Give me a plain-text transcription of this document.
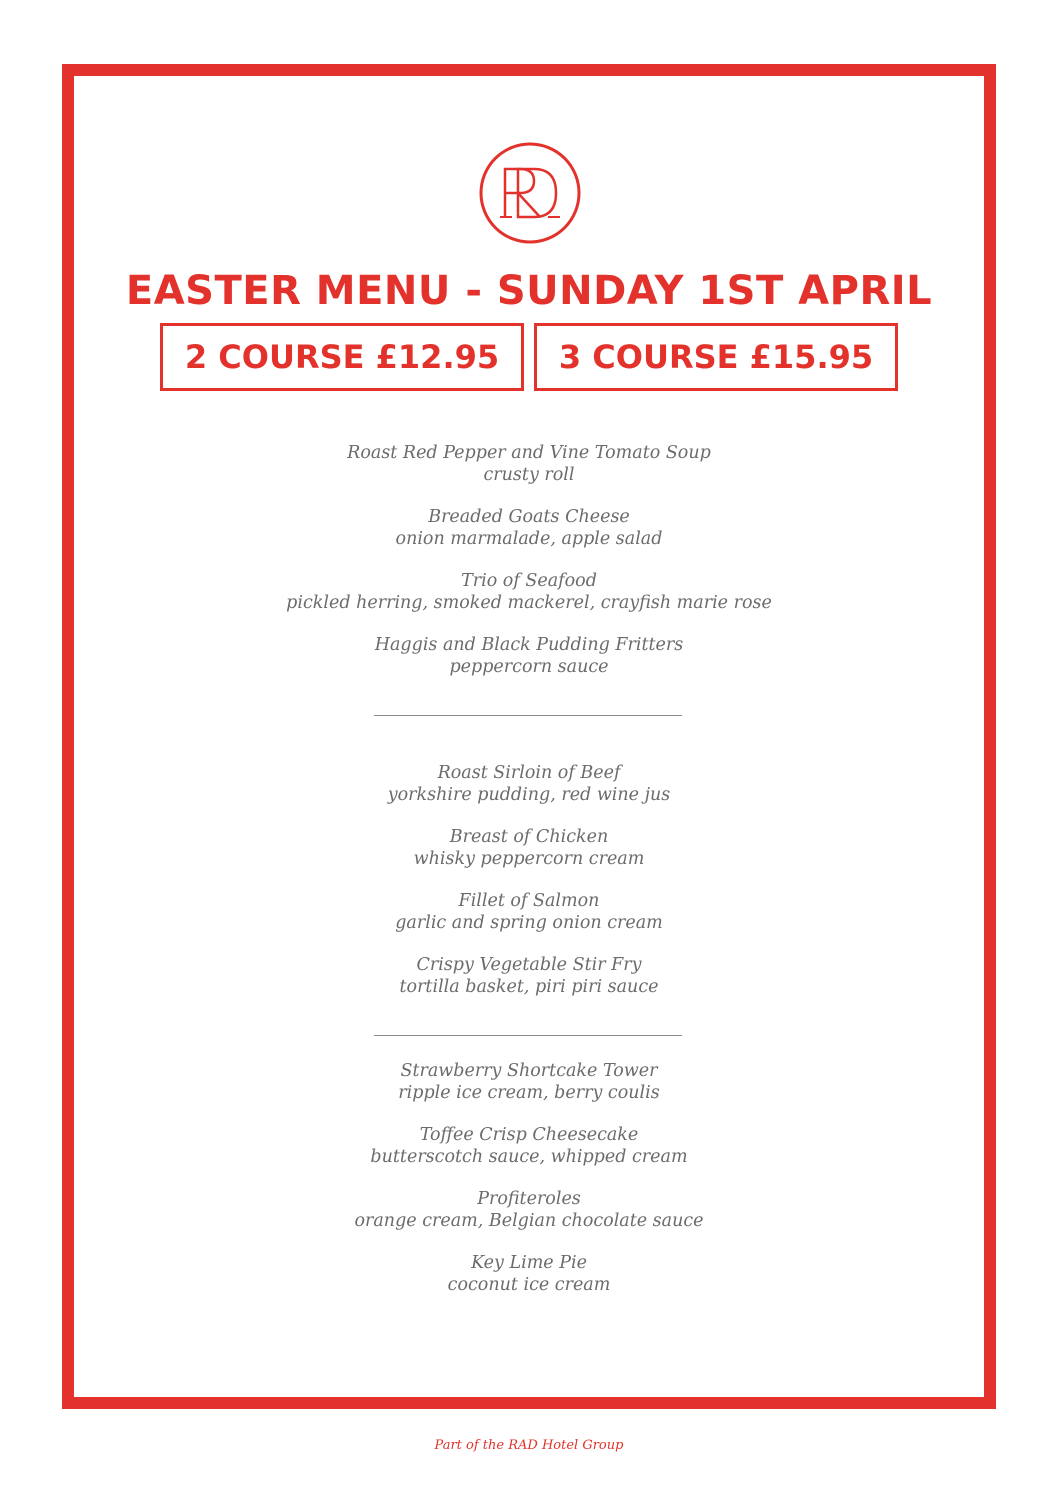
EASTER MENU - SUNDAY 1ST APRIL
2 COURSE £12.95	3 COURSE £15.95
Roast Red Pepper and Vine Tomato Soup
crusty roll
Breaded Goats Cheese
onion marmalade, apple salad
Trio of Seafood
pickled herring, smoked mackerel, crayfish marie rose
Haggis and Black Pudding Fritters
peppercorn sauce
Roast Sirloin of Beef
yorkshire pudding, red wine jus
Breast of Chicken
whisky peppercorn cream
Fillet of Salmon
garlic and spring onion cream
Crispy Vegetable Stir Fry
tortilla basket, piri piri sauce
Strawberry Shortcake Tower
ripple ice cream, berry coulis
Toffee Crisp Cheesecake
butterscotch sauce, whipped cream
Profiteroles
orange cream, Belgian chocolate sauce
Key Lime Pie
coconut ice cream
Part of the RAD Hotel Group
